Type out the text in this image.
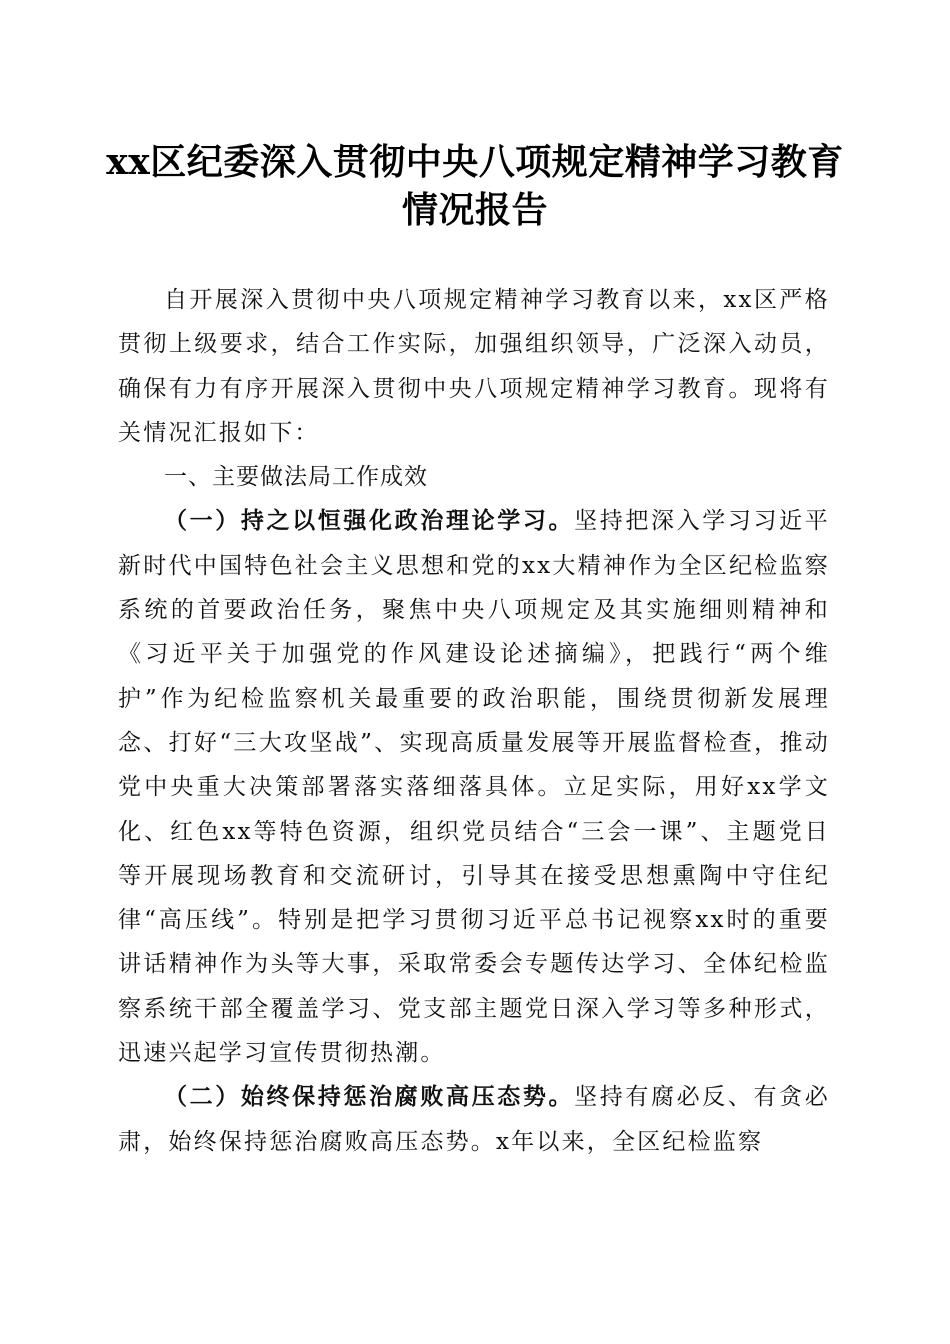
xx区纪委深入贯彻中央八项规定精神学习教育情况报告

自开展深入贯彻中央八项规定精神学习教育以来，xx区严格贯彻上级要求，结合工作实际，加强组织领导，广泛深入动员，确保有力有序开展深入贯彻中央八项规定精神学习教育。现将有关情况汇报如下：

一、主要做法局工作成效

（一）持之以恒强化政治理论学习。坚持把深入学习习近平新时代中国特色社会主义思想和党的xx大精神作为全区纪检监察系统的首要政治任务，聚焦中央八项规定及其实施细则精神和《习近平关于加强党的作风建设论述摘编》，把践行“两个维护”作为纪检监察机关最重要的政治职能，围绕贯彻新发展理念、打好“三大攻坚战”、实现高质量发展等开展监督检查，推动党中央重大决策部署落实落细落具体。立足实际，用好xx学文化、红色xx等特色资源，组织党员结合“三会一课”、主题党日等开展现场教育和交流研讨，引导其在接受思想熏陶中守住纪律“高压线”。特别是把学习贯彻习近平总书记视察xx时的重要讲话精神作为头等大事，采取常委会专题传达学习、全体纪检监察系统干部全覆盖学习、党支部主题党日深入学习等多种形式，迅速兴起学习宣传贯彻热潮。

（二）始终保持惩治腐败高压态势。坚持有腐必反、有贪必肃，始终保持惩治腐败高压态势。x年以来，全区纪检监察
